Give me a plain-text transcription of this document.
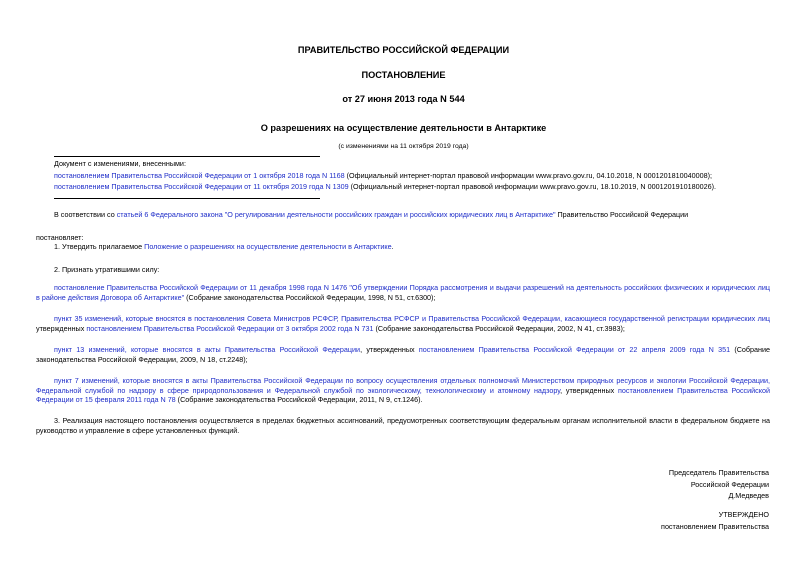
ПРАВИТЕЛЬСТВО РОССИЙСКОЙ ФЕДЕРАЦИИ
ПОСТАНОВЛЕНИЕ
от 27 июня 2013 года N 544
О разрешениях на осуществление деятельности в Антарктике
(с изменениями на 11 октября 2019 года)
Документ с изменениями, внесенными:
постановлением Правительства Российской Федерации от 1 октября 2018 года N 1168 (Официальный интернет-портал правовой информации www.pravo.gov.ru, 04.10.2018, N 0001201810040008);
постановлением Правительства Российской Федерации от 11 октября 2019 года N 1309 (Официальный интернет-портал правовой информации www.pravo.gov.ru, 18.10.2019, N 0001201910180026).
В соответствии со статьей 6 Федерального закона "О регулировании деятельности российских граждан и российских юридических лиц в Антарктике" Правительство Российской Федерации
постановляет:
1. Утвердить прилагаемое Положение о разрешениях на осуществление деятельности в Антарктике.
2. Признать утратившими силу:
постановление Правительства Российской Федерации от 11 декабря 1998 года N 1476 "Об утверждении Порядка рассмотрения и выдачи разрешений на деятельность российских физических и юридических лиц в районе действия Договора об Антарктике" (Собрание законодательства Российской Федерации, 1998, N 51, ст.6300);
пункт 35 изменений, которые вносятся в постановления Совета Министров РСФСР, Правительства РСФСР и Правительства Российской Федерации, касающиеся государственной регистрации юридических лиц утвержденных постановлением Правительства Российской Федерации от 3 октября 2002 года N 731 (Собрание законодательства Российской Федерации, 2002, N 41, ст.3983);
пункт 13 изменений, которые вносятся в акты Правительства Российской Федерации, утвержденных постановлением Правительства Российской Федерации от 22 апреля 2009 года N 351 (Собрание законодательства Российской Федерации, 2009, N 18, ст.2248);
пункт 7 изменений, которые вносятся в акты Правительства Российской Федерации по вопросу осуществления отдельных полномочий Министерством природных ресурсов и экологии Российской Федерации, Федеральной службой по надзору в сфере природопользования и Федеральной службой по экологическому, технологическому и атомному надзору, утвержденных постановлением Правительства Российской Федерации от 15 февраля 2011 года N 78 (Собрание законодательства Российской Федерации, 2011, N 9, ст.1246).
3. Реализация настоящего постановления осуществляется в пределах бюджетных ассигнований, предусмотренных соответствующим федеральным органам исполнительной власти в федеральном бюджете на руководство и управление в сфере установленных функций.
Председатель Правительства
Российской Федерации
Д.Медведев
УТВЕРЖДЕНО
постановлением Правительства
